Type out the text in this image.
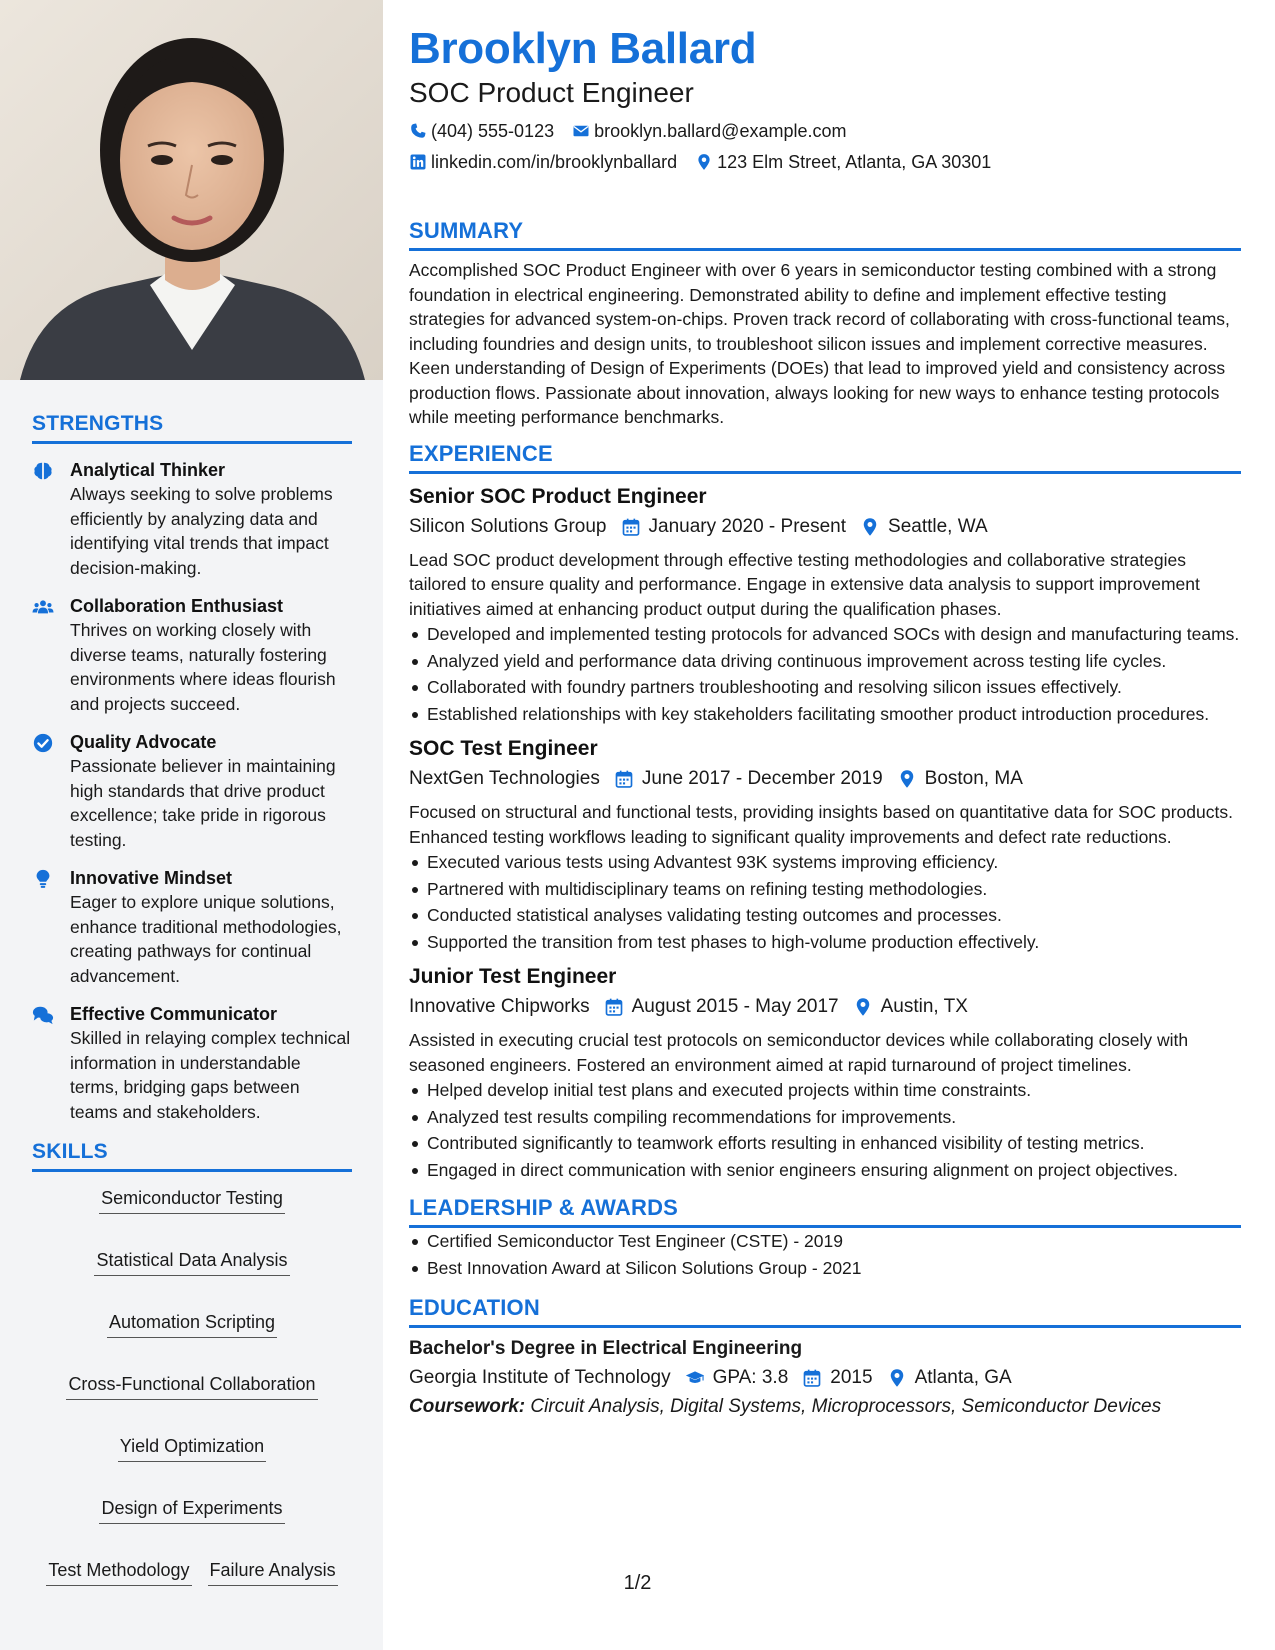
STRENGTHS
Analytical Thinker
Always seeking to solve problems efficiently by analyzing data and identifying vital trends that impact decision-making.
Collaboration Enthusiast
Thrives on working closely with diverse teams, naturally fostering environments where ideas flourish and projects succeed.
Quality Advocate
Passionate believer in maintaining high standards that drive product excellence; take pride in rigorous testing.
Innovative Mindset
Eager to explore unique solutions, enhance traditional methodologies, creating pathways for continual advancement.
Effective Communicator
Skilled in relaying complex technical information in understandable terms, bridging gaps between teams and stakeholders.
SKILLS
Semiconductor Testing
Statistical Data Analysis
Automation Scripting
Cross-Functional Collaboration
Yield Optimization
Design of Experiments
Test Methodology Failure Analysis
Brooklyn Ballard
SOC Product Engineer
(404) 555-0123 brooklyn.ballard@example.com
linkedin.com/in/brooklynballard 123 Elm Street, Atlanta, GA 30301
SUMMARY
Accomplished SOC Product Engineer with over 6 years in semiconductor testing combined with a strong foundation in electrical engineering. Demonstrated ability to define and implement effective testing strategies for advanced system-on-chips. Proven track record of collaborating with cross-functional teams, including foundries and design units, to troubleshoot silicon issues and implement corrective measures. Keen understanding of Design of Experiments (DOEs) that lead to improved yield and consistency across production flows. Passionate about innovation, always looking for new ways to enhance testing protocols while meeting performance benchmarks.
EXPERIENCE
Senior SOC Product Engineer
Silicon Solutions Group January 2020 - Present Seattle, WA
Lead SOC product development through effective testing methodologies and collaborative strategies tailored to ensure quality and performance. Engage in extensive data analysis to support improvement initiatives aimed at enhancing product output during the qualification phases.
Developed and implemented testing protocols for advanced SOCs with design and manufacturing teams.
Analyzed yield and performance data driving continuous improvement across testing life cycles.
Collaborated with foundry partners troubleshooting and resolving silicon issues effectively.
Established relationships with key stakeholders facilitating smoother product introduction procedures.
SOC Test Engineer
NextGen Technologies June 2017 - December 2019 Boston, MA
Focused on structural and functional tests, providing insights based on quantitative data for SOC products. Enhanced testing workflows leading to significant quality improvements and defect rate reductions.
Executed various tests using Advantest 93K systems improving efficiency.
Partnered with multidisciplinary teams on refining testing methodologies.
Conducted statistical analyses validating testing outcomes and processes.
Supported the transition from test phases to high-volume production effectively.
Junior Test Engineer
Innovative Chipworks August 2015 - May 2017 Austin, TX
Assisted in executing crucial test protocols on semiconductor devices while collaborating closely with seasoned engineers. Fostered an environment aimed at rapid turnaround of project timelines.
Helped develop initial test plans and executed projects within time constraints.
Analyzed test results compiling recommendations for improvements.
Contributed significantly to teamwork efforts resulting in enhanced visibility of testing metrics.
Engaged in direct communication with senior engineers ensuring alignment on project objectives.
LEADERSHIP & AWARDS
Certified Semiconductor Test Engineer (CSTE) - 2019
Best Innovation Award at Silicon Solutions Group - 2021
EDUCATION
Bachelor's Degree in Electrical Engineering
Georgia Institute of Technology GPA: 3.8 2015 Atlanta, GA
Coursework: Circuit Analysis, Digital Systems, Microprocessors, Semiconductor Devices
1/2
